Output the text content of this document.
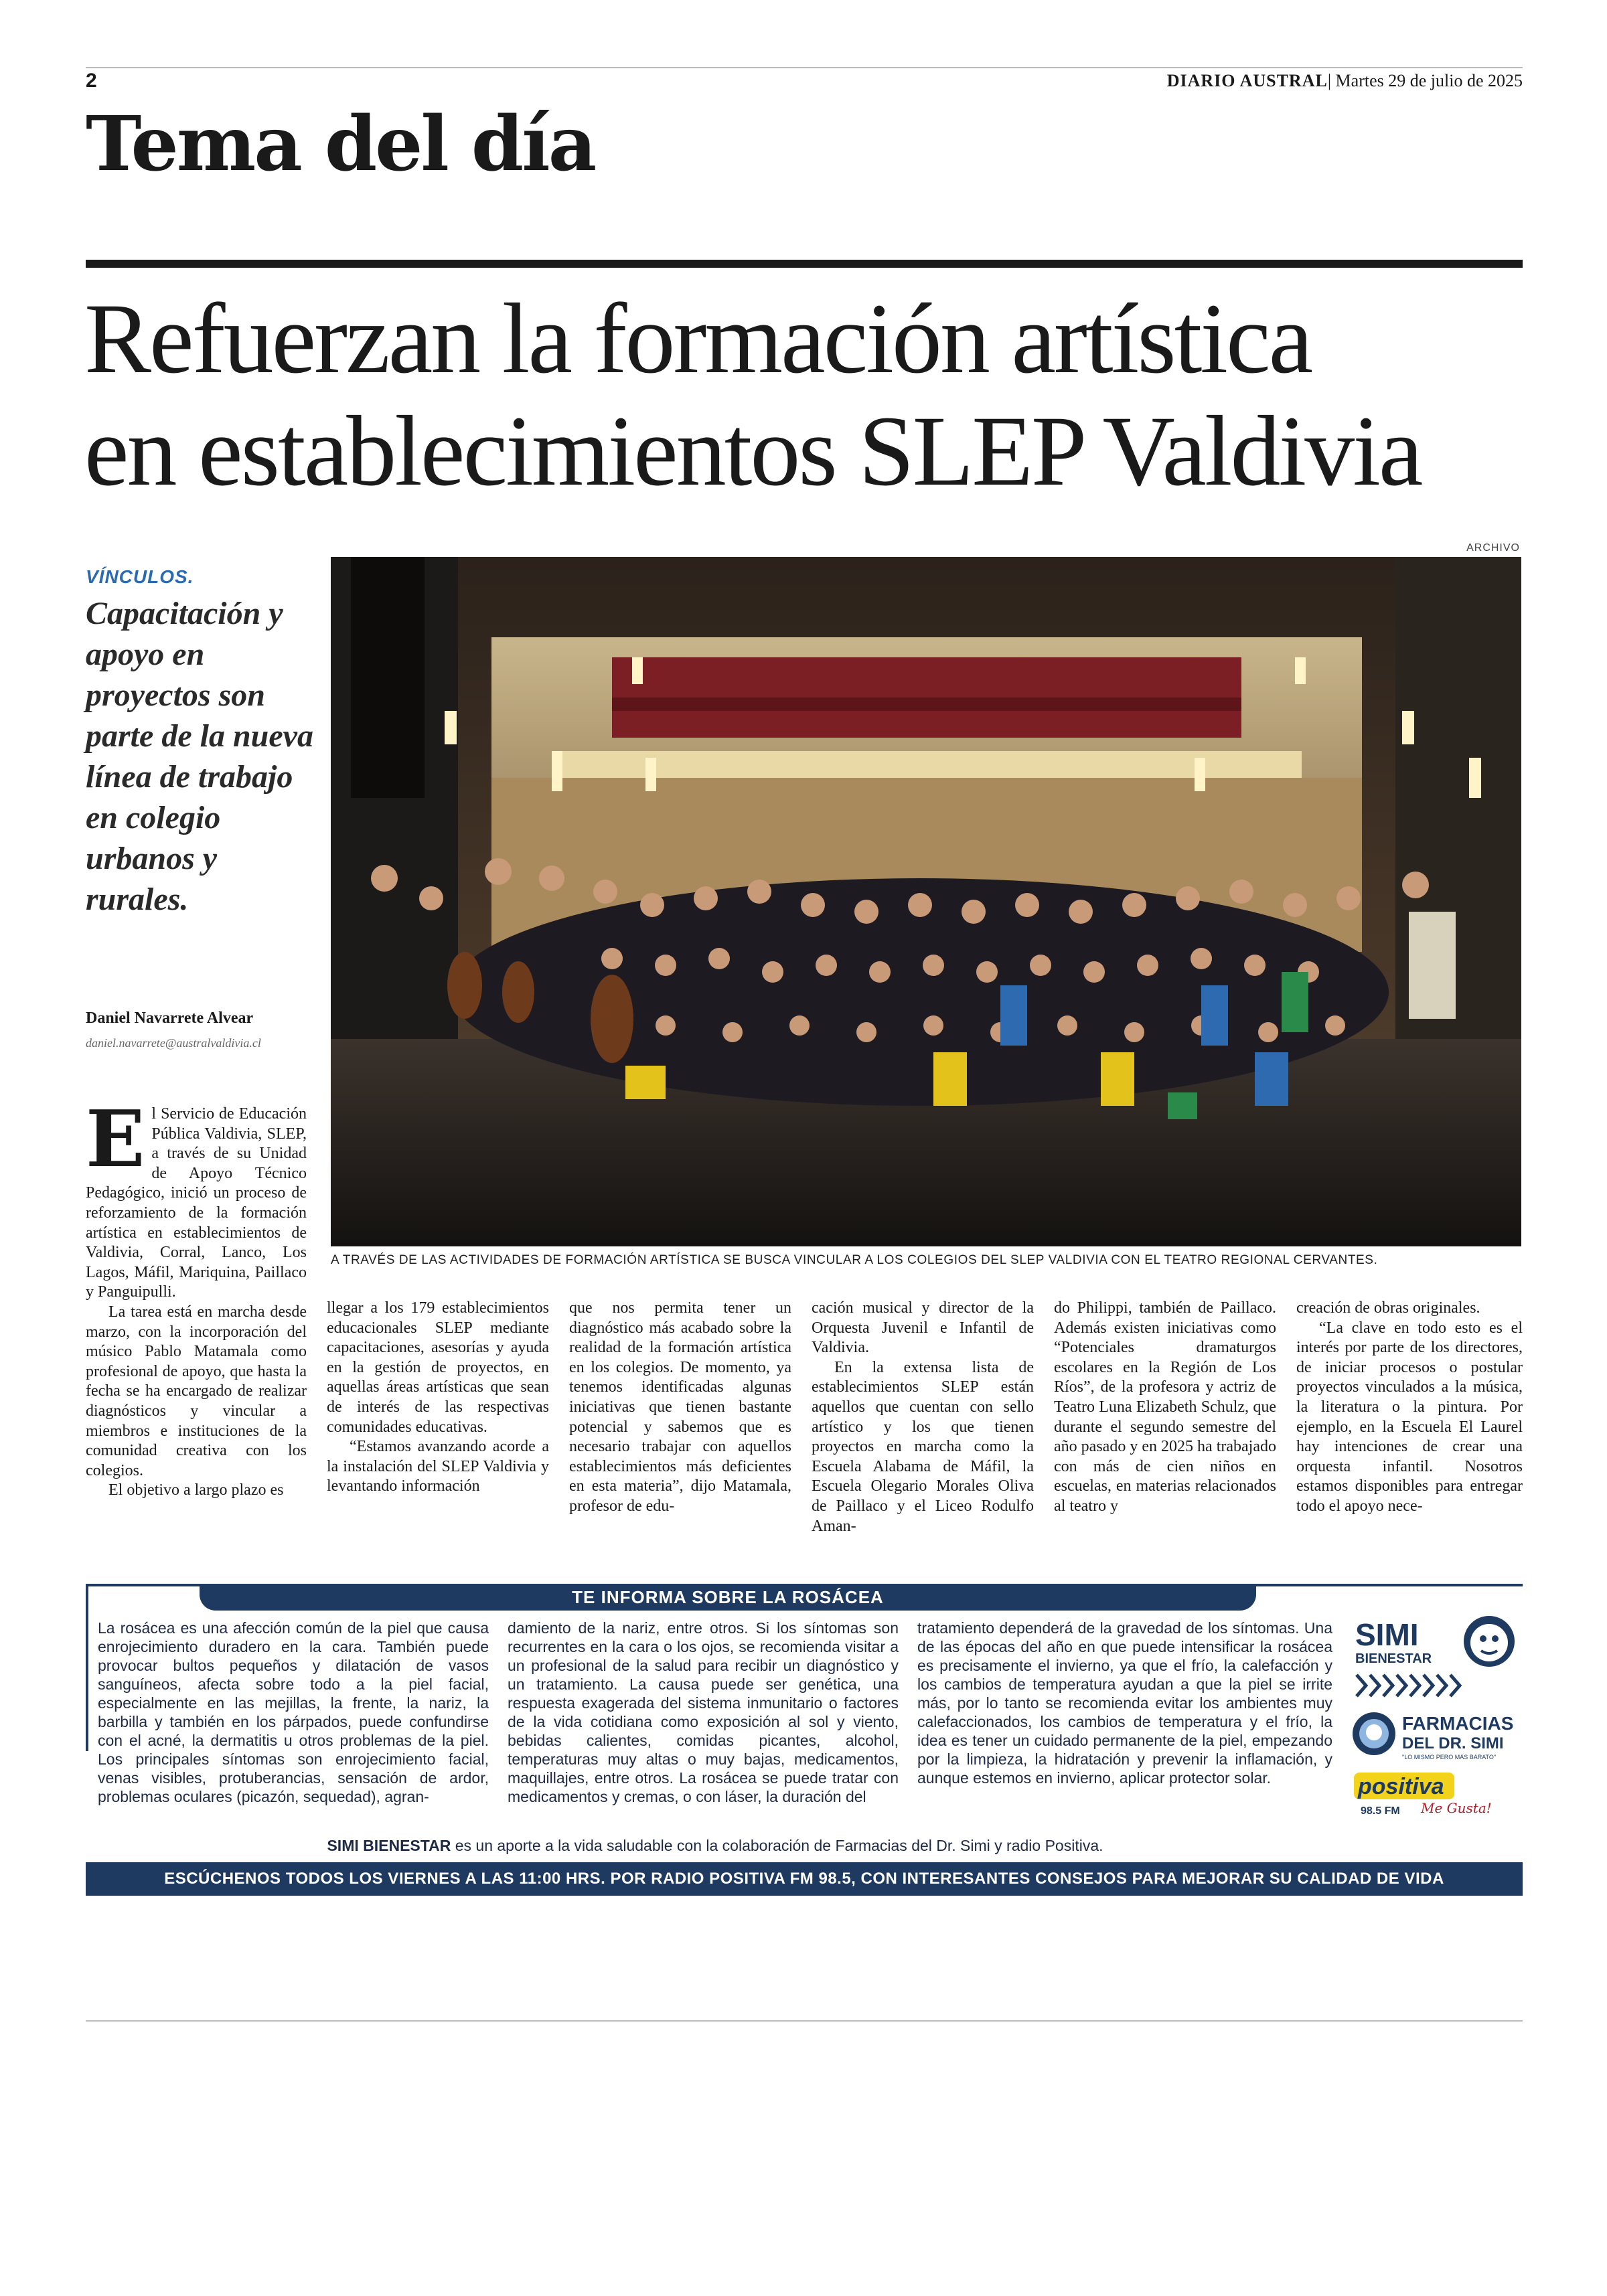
2	DIARIO AUSTRAL| Martes 29 de julio de 2025
Tema del día
Refuerzan la formación artística
en establecimientos SLEP Valdivia
VÍNCULOS.
Capacitación y apoyo en proyectos son parte de la nueva línea de trabajo en colegio urbanos y rurales.
Daniel Navarrete Alvear
daniel.navarrete@australvaldivia.cl
ARCHIVO
A TRAVÉS DE LAS ACTIVIDADES DE FORMACIÓN ARTÍSTICA SE BUSCA VINCULAR A LOS COLEGIOS DEL SLEP VALDIVIA CON EL TEATRO REGIONAL CERVANTES.

El Servicio de Educación Pública Valdivia, SLEP, a través de su Unidad de Apoyo Técnico Pedagógico, inició un proceso de reforzamiento de la formación artística en establecimientos de Valdivia, Corral, Lanco, Los Lagos, Máfil, Mariquina, Paillaco y Panguipulli.

La tarea está en marcha desde marzo, con la incorporación del músico Pablo Matamala como profesional de apoyo, que hasta la fecha se ha encargado de realizar diagnósticos y vincular a miembros e instituciones de la comunidad creativa con los colegios.

El objetivo a largo plazo es

llegar a los 179 establecimientos educacionales SLEP mediante capacitaciones, asesorías y ayuda en la gestión de proyectos, en aquellas áreas artísticas que sean de interés de las respectivas comunidades educativas.

“Estamos avanzando acorde a la instalación del SLEP Valdivia y levantando información

que nos permita tener un diagnóstico más acabado sobre la realidad de la formación artística en los colegios. De momento, ya tenemos identificadas algunas iniciativas que tienen bastante potencial y sabemos que es necesario trabajar con aquellos establecimientos más deficientes en esta materia”, dijo Matamala, profesor de edu-

cación musical y director de la Orquesta Juvenil e Infantil de Valdivia.

En la extensa lista de establecimientos SLEP están aquellos que cuentan con sello artístico y los que tienen proyectos en marcha como la Escuela Alabama de Máfil, la Escuela Olegario Morales Oliva de Paillaco y el Liceo Rodulfo Aman-

do Philippi, también de Paillaco. Además existen iniciativas como “Potenciales dramaturgos escolares en la Región de Los Ríos”, de la profesora y actriz de Teatro Luna Elizabeth Schulz, que durante el segundo semestre del año pasado y en 2025 ha trabajado con más de cien niños en escuelas, en materias relacionados al teatro y

creación de obras originales.

“La clave en todo esto es el interés por parte de los directores, de iniciar procesos o postular proyectos vinculados a la música, la literatura o la pintura. Por ejemplo, en la Escuela El Laurel hay intenciones de crear una orquesta infantil. Nosotros estamos disponibles para entregar todo el apoyo nece-

TE INFORMA SOBRE LA ROSÁCEA
La rosácea es una afección común de la piel que causa enrojecimiento duradero en la cara. También puede provocar bultos pequeños y dilatación de vasos sanguíneos, afecta sobre todo a la piel facial, especialmente en las mejillas, la frente, la nariz, la barbilla y también en los párpados, puede confundirse con el acné, la dermatitis u otros problemas de la piel. Los principales síntomas son enrojecimiento facial, venas visibles, protuberancias, sensación de ardor, problemas oculares (picazón, sequedad), agran-
damiento de la nariz, entre otros. Si los síntomas son recurrentes en la cara o los ojos, se recomienda visitar a un profesional de la salud para recibir un diagnóstico y un tratamiento. La causa puede ser genética, una respuesta exagerada del sistema inmunitario o factores de la vida cotidiana como exposición al sol y viento, bebidas calientes, comidas picantes, alcohol, temperaturas muy altas o muy bajas, medicamentos, maquillajes, entre otros. La rosácea se puede tratar con medicamentos y cremas, o con láser, la duración del
tratamiento dependerá de la gravedad de los síntomas. Una de las épocas del año en que puede intensificar la rosácea es precisamente el invierno, ya que el frío, la calefacción y los cambios de temperatura ayudan a que la piel se irrite más, por lo tanto se recomienda evitar los ambientes muy calefaccionados, los cambios de temperatura y el frío, la idea es tener un cuidado permanente de la piel, empezando por la limpieza, la hidratación y prevenir la inflamación, y aunque estemos en invierno, aplicar protector solar.
SIMI
BIENESTAR
FARMACIAS
DEL DR. SIMI
"LO MISMO PERO MÁS BARATO"
positiva
98.5 FM Me Gusta!
SIMI BIENESTAR es un aporte a la vida saludable con la colaboración de Farmacias del Dr. Simi y radio Positiva.
ESCÚCHENOS TODOS LOS VIERNES A LAS 11:00 HRS. POR RADIO POSITIVA FM 98.5, CON INTERESANTES CONSEJOS PARA MEJORAR SU CALIDAD DE VIDA
